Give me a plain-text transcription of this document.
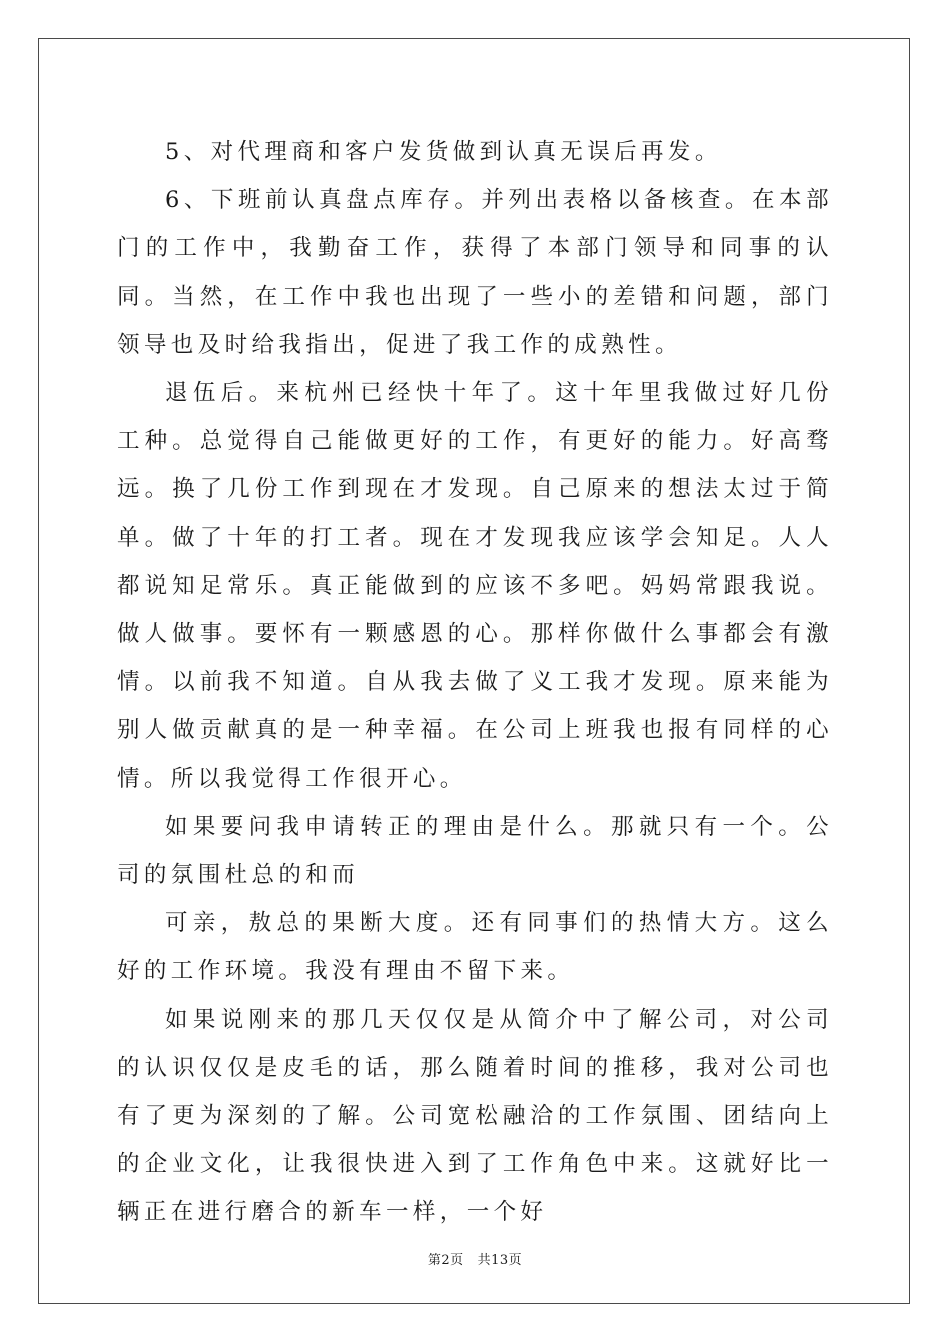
5、对代理商和客户发货做到认真无误后再发。

6、下班前认真盘点库存。并列出表格以备核查。在本部门的工作中，我勤奋工作，获得了本部门领导和同事的认同。当然，在工作中我也出现了一些小的差错和问题，部门领导也及时给我指出，促进了我工作的成熟性。

退伍后。来杭州已经快十年了。这十年里我做过好几份工种。总觉得自己能做更好的工作，有更好的能力。好高骛远。换了几份工作到现在才发现。自己原来的想法太过于简单。做了十年的打工者。现在才发现我应该学会知足。人人都说知足常乐。真正能做到的应该不多吧。妈妈常跟我说。做人做事。要怀有一颗感恩的心。那样你做什么事都会有激情。以前我不知道。自从我去做了义工我才发现。原来能为别人做贡献真的是一种幸福。在公司上班我也报有同样的心情。所以我觉得工作很开心。

如果要问我申请转正的理由是什么。那就只有一个。公司的氛围杜总的和而

可亲，敖总的果断大度。还有同事们的热情大方。这么好的工作环境。我没有理由不留下来。

如果说刚来的那几天仅仅是从简介中了解公司，对公司的认识仅仅是皮毛的话，那么随着时间的推移，我对公司也有了更为深刻的了解。公司宽松融洽的工作氛围、团结向上的企业文化，让我很快进入到了工作角色中来。这就好比一辆正在进行磨合的新车一样，一个好

第2页 共13页
